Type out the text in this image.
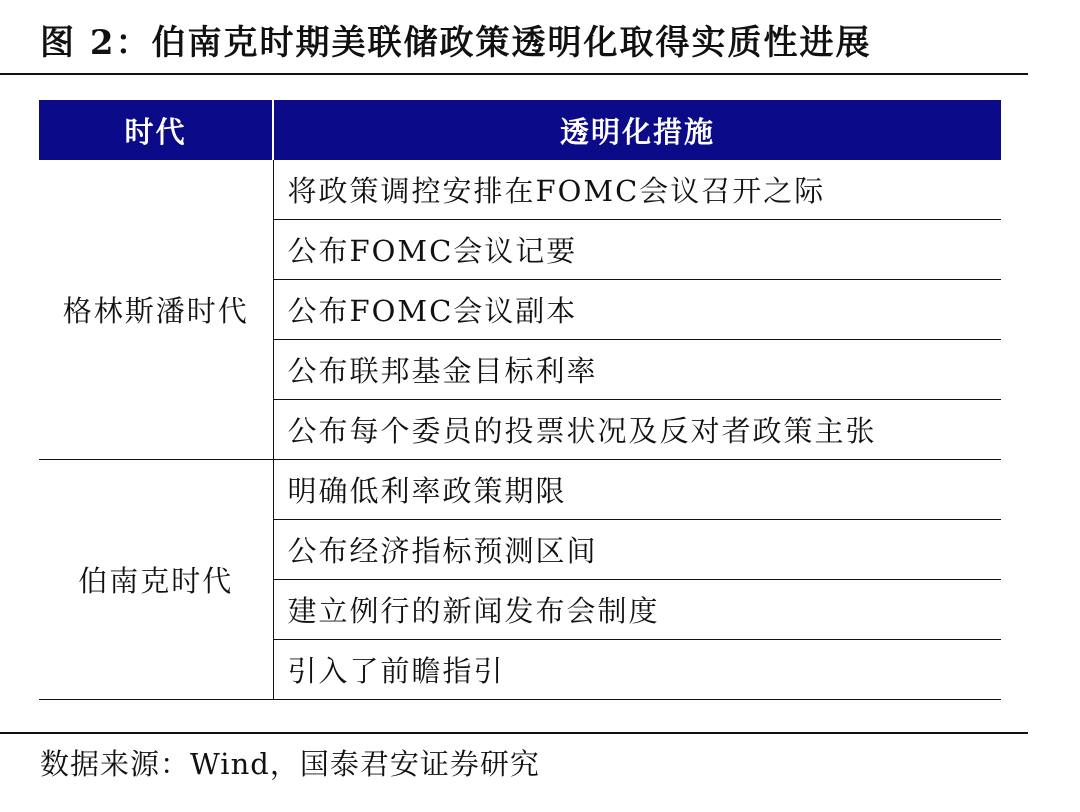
图 2：伯南克时期美联储政策透明化取得实质性进展
时代	透明化措施
格林斯潘时代	将政策调控安排在FOMC会议召开之际
	公布FOMC会议记要
	公布FOMC会议副本
	公布联邦基金目标利率
	公布每个委员的投票状况及反对者政策主张
伯南克时代	明确低利率政策期限
	公布经济指标预测区间
	建立例行的新闻发布会制度
	引入了前瞻指引
数据来源：Wind，国泰君安证券研究
